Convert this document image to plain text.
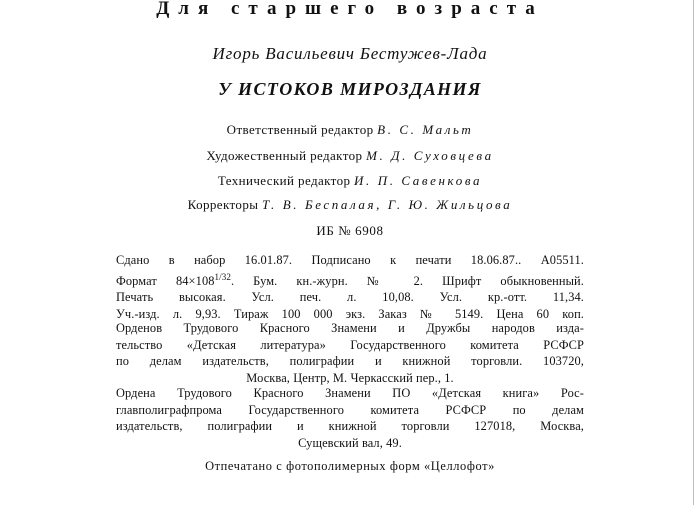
Для старшего возраста
Игорь Васильевич Бестужев-Лада
У ИСТОКОВ МИРОЗДАНИЯ
Ответственный редактор В. С. Мальт
Художественный редактор М. Д. Суховцева
Технический редактор И. П. Савенкова
Корректоры Т. В. Беспалая, Г. Ю. Жильцова
ИБ № 6908
Сдано в набор 16.01.87. Подписано к печати 18.06.87.. А05511.
Формат $84\times 108^{1/32}$. Бум. кн.-журн. № 2. Шрифт обыкновенный.
Печать высокая. Усл. печ. л. 10,08. Усл. кр.-отт. 11,34.
Уч.-изд. л. 9,93. Тираж 100 000 экз. Заказ № 5149. Цена 60 коп.
Орденов Трудового Красного Знамени и Дружбы народов изда-
тельство «Детская литература» Государственного комитета РСФСР
по делам издательств, полиграфии и книжной торговли. 103720,
Москва, Центр, М. Черкасский пер., 1.
Ордена Трудового Красного Знамени ПО «Детская книга» Рос-
главполиграфпрома Государственного комитета РСФСР по делам
издательств, полиграфии и книжной торговли 127018, Москва,
Сущевский вал, 49.
Отпечатано с фотополимерных форм «Целлофот»
